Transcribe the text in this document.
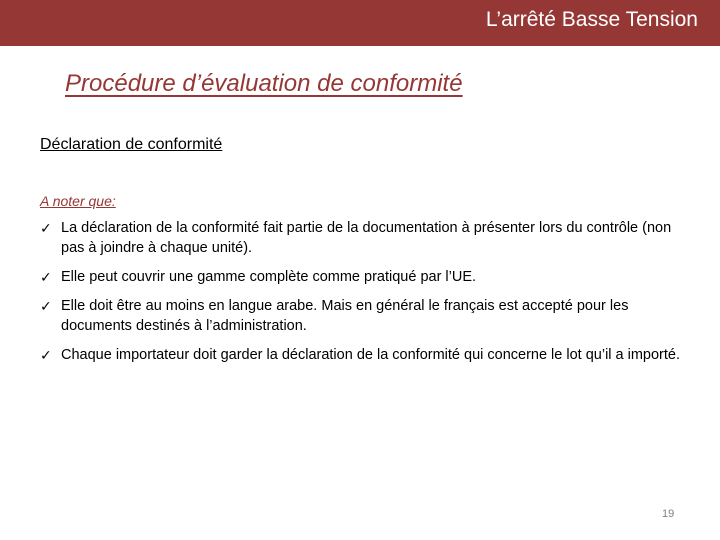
L’arrêté Basse Tension
Procédure d’évaluation de conformité
Déclaration de conformité
A noter que:
✓ La déclaration de la conformité fait partie de la documentation à présenter lors du contrôle (non pas à joindre à chaque unité).
✓ Elle peut couvrir une gamme complète comme pratiqué par l’UE.
✓ Elle doit être au moins en langue arabe. Mais en général le français est accepté pour les documents destinés à l’administration.
✓ Chaque importateur doit garder la déclaration de la conformité qui concerne le lot qu’il a importé.
19
